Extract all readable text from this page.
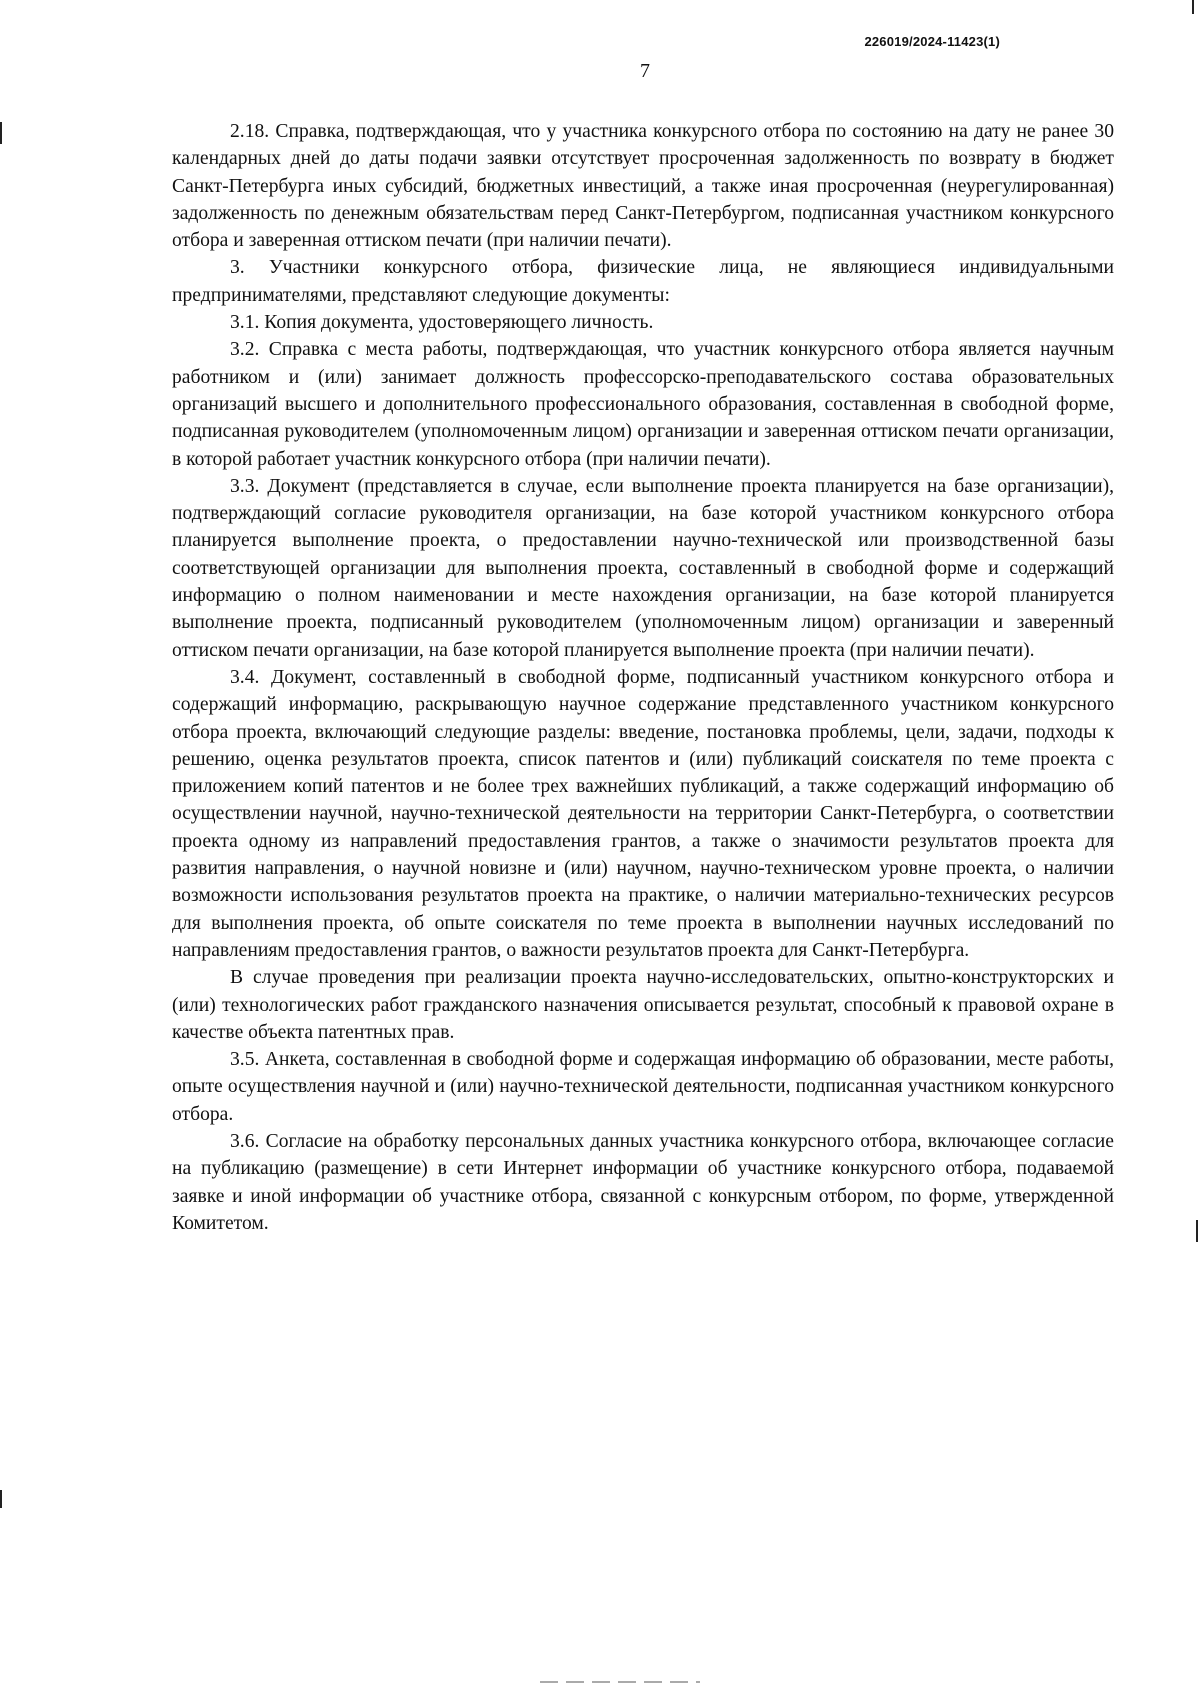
226019/2024-11423(1)
7

2.18. Справка, подтверждающая, что у участника конкурсного отбора по состоянию на дату не ранее 30 календарных дней до даты подачи заявки отсутствует просроченная задолженность по возврату в бюджет Санкт-Петербурга иных субсидий, бюджетных инвестиций, а также иная просроченная (неурегулированная) задолженность по денежным обязательствам перед Санкт-Петербургом, подписанная участником конкурсного отбора и заверенная оттиском печати (при наличии печати).

3. Участники конкурсного отбора, физические лица, не являющиеся индивидуальными предпринимателями, представляют следующие документы:

3.1. Копия документа, удостоверяющего личность.

3.2. Справка с места работы, подтверждающая, что участник конкурсного отбора является научным работником и (или) занимает должность профессорско-преподавательского состава образовательных организаций высшего и дополнительного профессионального образования, составленная в свободной форме, подписанная руководителем (уполномоченным лицом) организации и заверенная оттиском печати организации, в которой работает участник конкурсного отбора (при наличии печати).

3.3. Документ (представляется в случае, если выполнение проекта планируется на базе организации), подтверждающий согласие руководителя организации, на базе которой участником конкурсного отбора планируется выполнение проекта, о предоставлении научно-технической или производственной базы соответствующей организации для выполнения проекта, составленный в свободной форме и содержащий информацию о полном наименовании и месте нахождения организации, на базе которой планируется выполнение проекта, подписанный руководителем (уполномоченным лицом) организации и заверенный оттиском печати организации, на базе которой планируется выполнение проекта (при наличии печати).

3.4. Документ, составленный в свободной форме, подписанный участником конкурсного отбора и содержащий информацию, раскрывающую научное содержание представленного участником конкурсного отбора проекта, включающий следующие разделы: введение, постановка проблемы, цели, задачи, подходы к решению, оценка результатов проекта, список патентов и (или) публикаций соискателя по теме проекта с приложением копий патентов и не более трех важнейших публикаций, а также содержащий информацию об осуществлении научной, научно-технической деятельности на территории Санкт-Петербурга, о соответствии проекта одному из направлений предоставления грантов, а также о значимости результатов проекта для развития направления, о научной новизне и (или) научном, научно-техническом уровне проекта, о наличии возможности использования результатов проекта на практике, о наличии материально-технических ресурсов для выполнения проекта, об опыте соискателя по теме проекта в выполнении научных исследований по направлениям предоставления грантов, о важности результатов проекта для Санкт-Петербурга.

В случае проведения при реализации проекта научно-исследовательских, опытно-конструкторских и (или) технологических работ гражданского назначения описывается результат, способный к правовой охране в качестве объекта патентных прав.

3.5. Анкета, составленная в свободной форме и содержащая информацию об образовании, месте работы, опыте осуществления научной и (или) научно-технической деятельности, подписанная участником конкурсного отбора.

3.6. Согласие на обработку персональных данных участника конкурсного отбора, включающее согласие на публикацию (размещение) в сети Интернет информации об участнике конкурсного отбора, подаваемой заявке и иной информации об участнике отбора, связанной с конкурсным отбором, по форме, утвержденной Комитетом.
